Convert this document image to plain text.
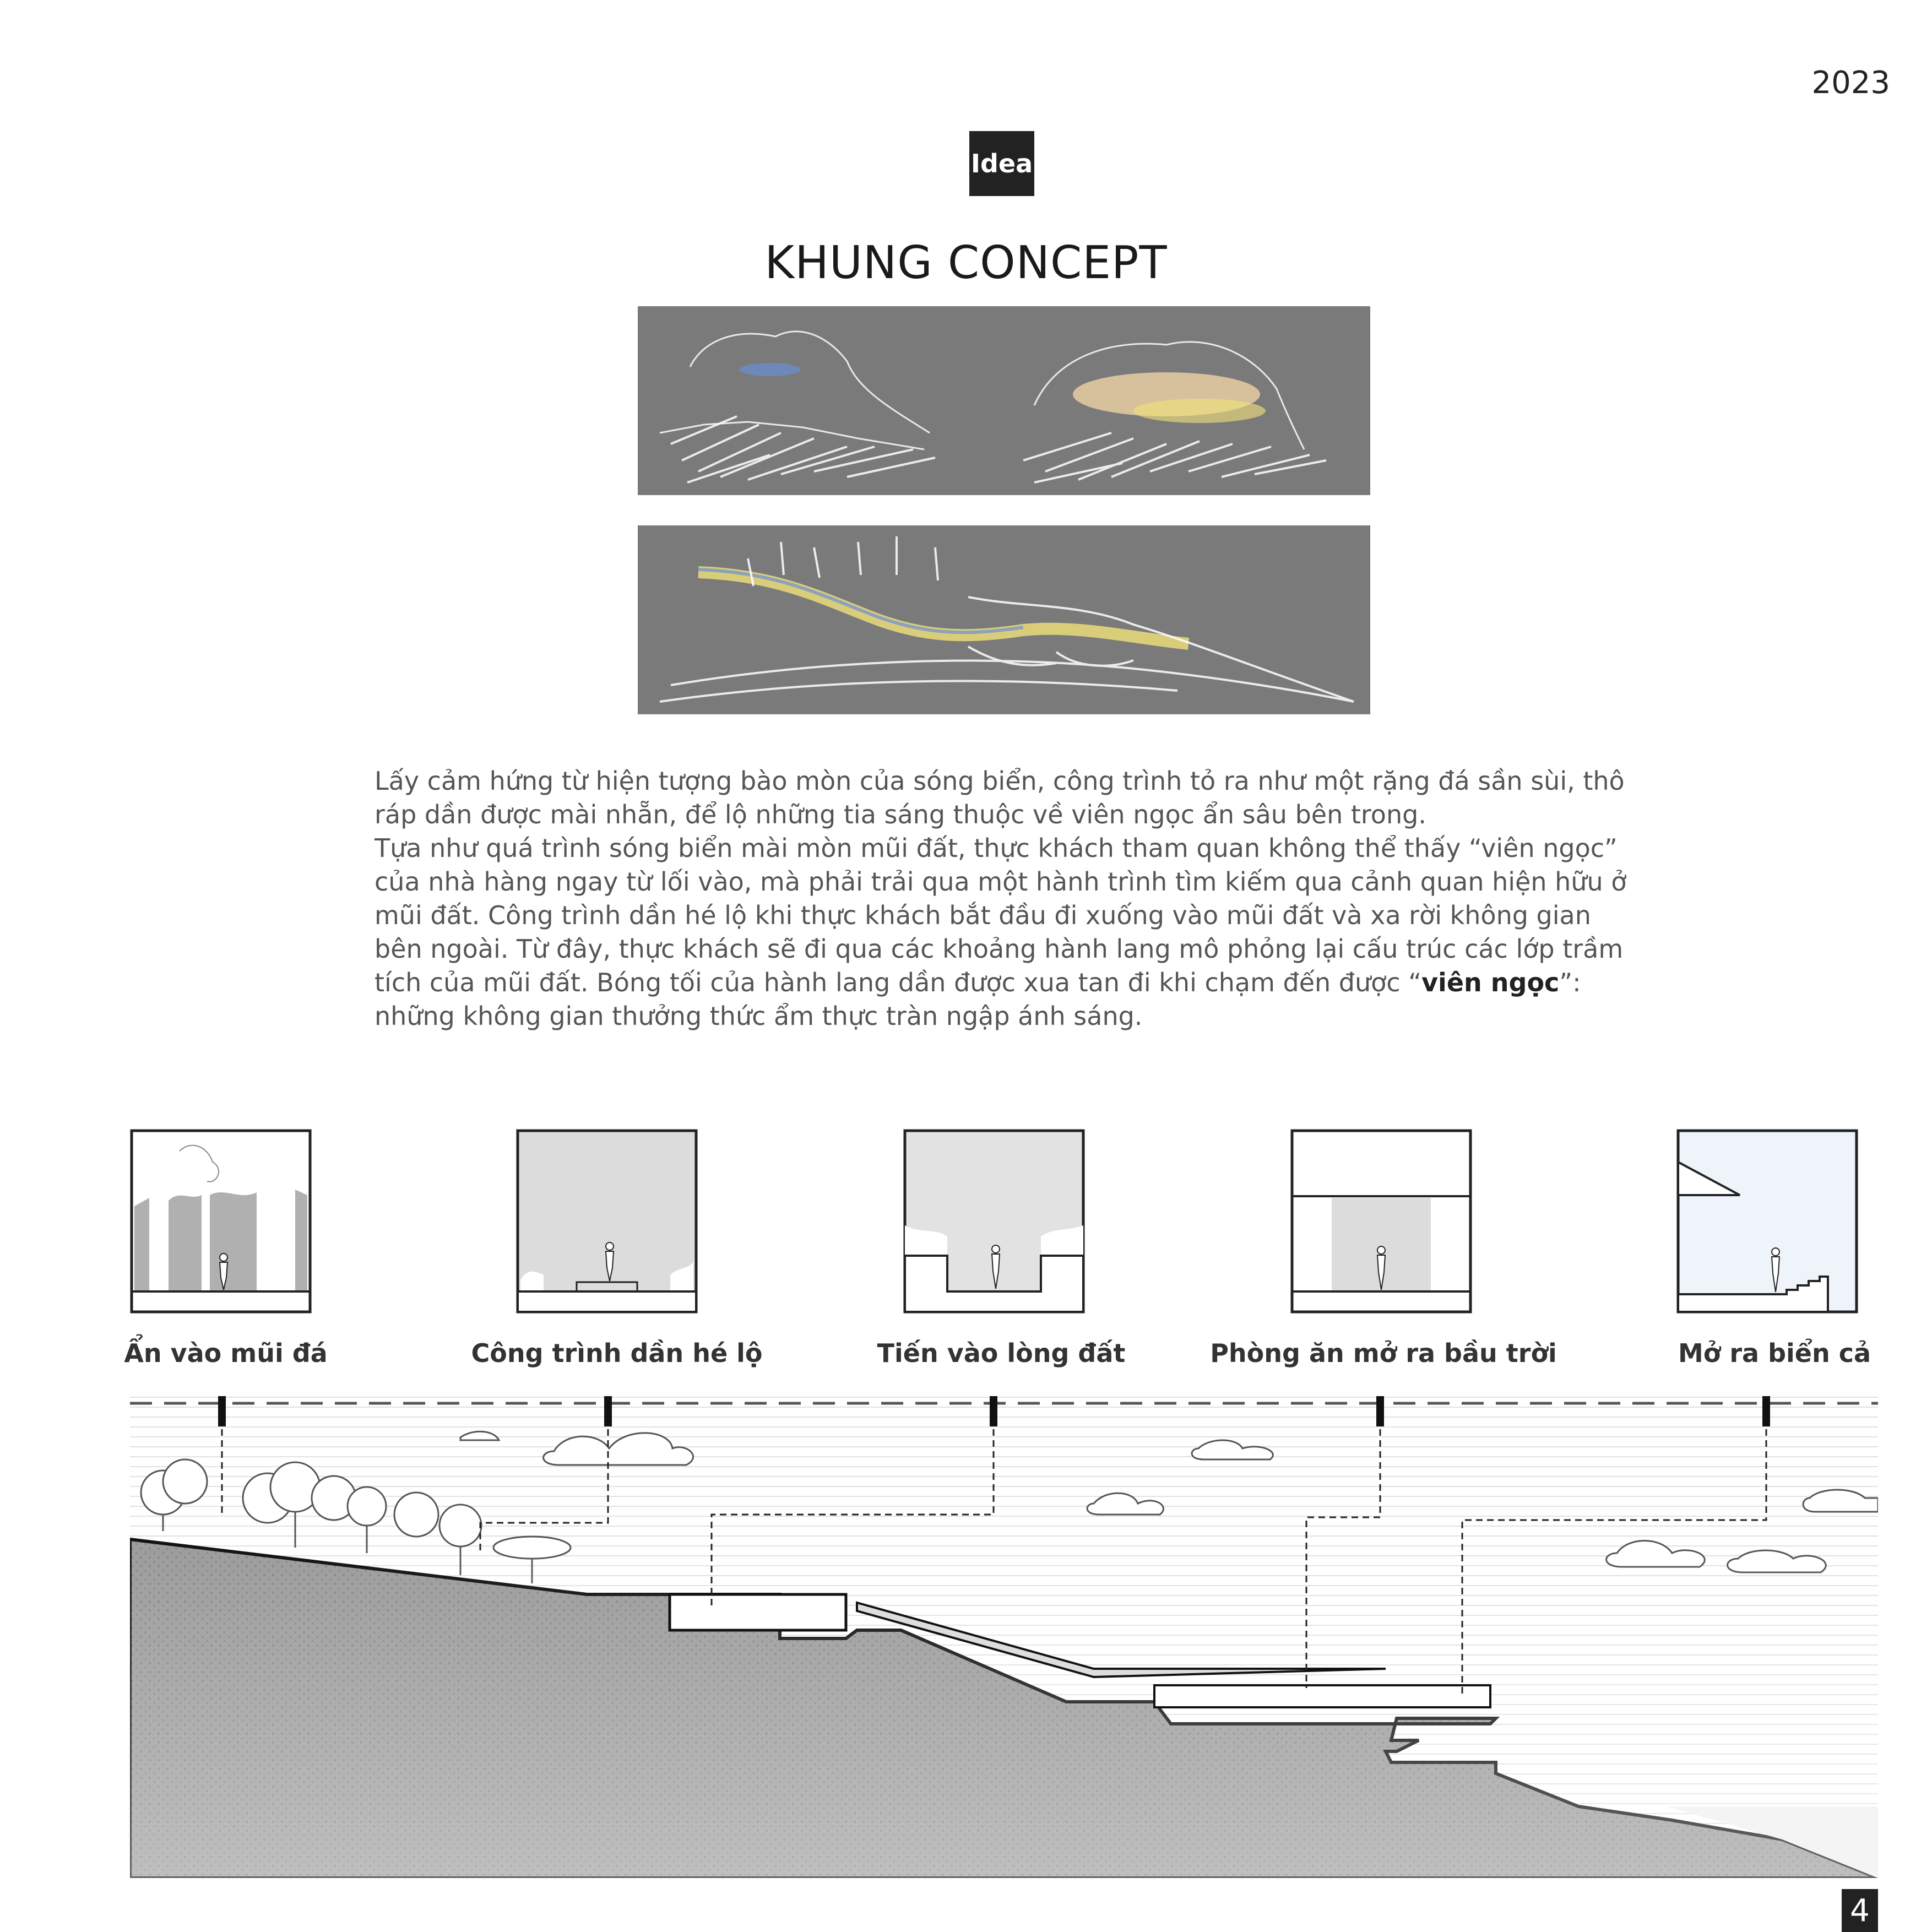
2023
Idea
KHUNG CONCEPT

Lấy cảm hứng từ hiện tượng bào mòn của sóng biển, công trình tỏ ra như một rặng đá sần sùi, thô ráp dần được mài nhẵn, để lộ những tia sáng thuộc về viên ngọc ẩn sâu bên trong.
Tựa như quá trình sóng biển mài mòn mũi đất, thực khách tham quan không thể thấy “viên ngọc” của nhà hàng ngay từ lối vào, mà phải trải qua một hành trình tìm kiếm qua cảnh quan hiện hữu ở mũi đất. Công trình dần hé lộ khi thực khách bắt đầu đi xuống vào mũi đất và xa rời không gian bên ngoài. Từ đây, thực khách sẽ đi qua các khoảng hành lang mô phỏng lại cấu trúc các lớp trầm tích của mũi đất. Bóng tối của hành lang dần được xua tan đi khi chạm đến được “viên ngọc”: những không gian thưởng thức ẩm thực tràn ngập ánh sáng.

Ẩn vào mũi đá	Công trình dần hé lộ	Tiến vào lòng đất	Phòng ăn mở ra bầu trời	Mở ra biển cả
4
